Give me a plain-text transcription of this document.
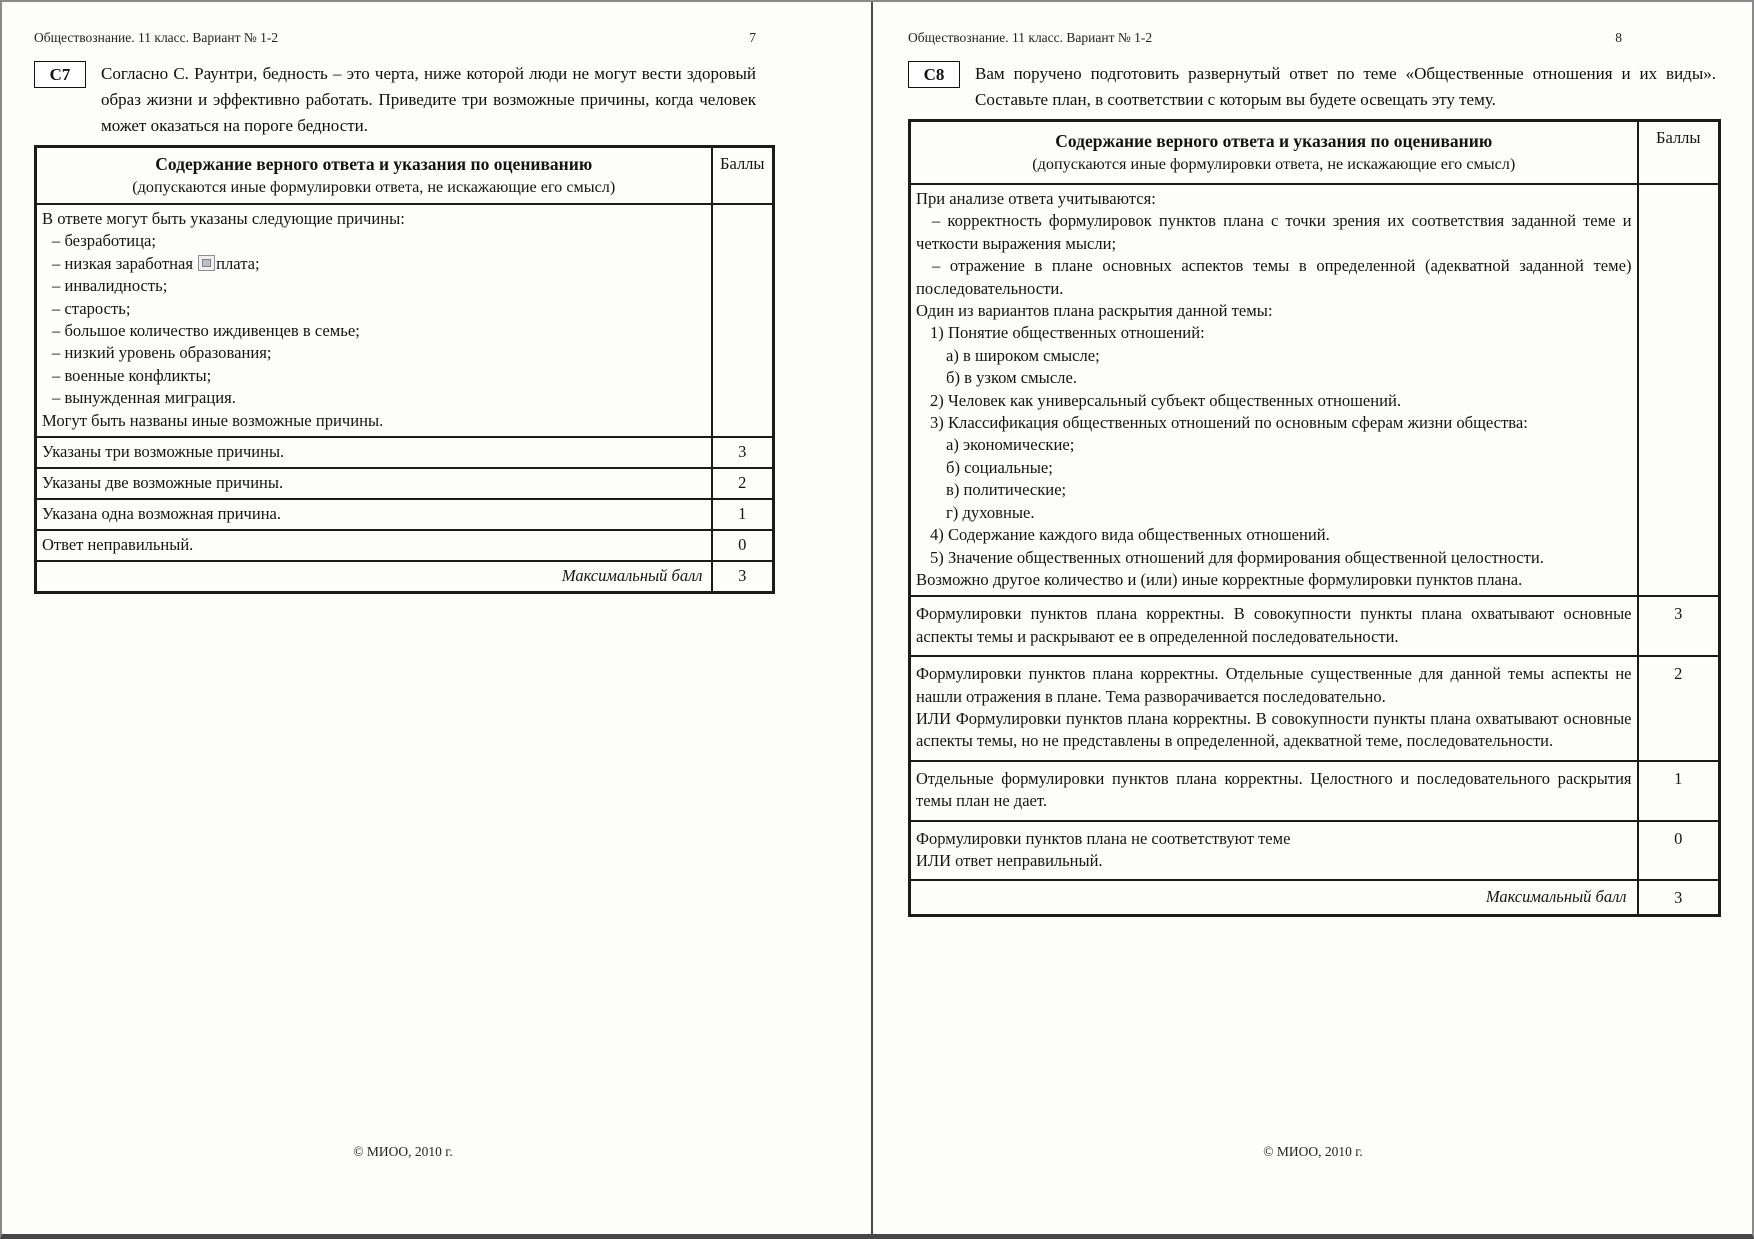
Обществознание. 11 класс. Вариант № 1-2	7
С7	Согласно С. Раунтри, бедность – это черта, ниже которой люди не могут вести здоровый образ жизни и эффективно работать. Приведите три возможные причины, когда человек может оказаться на пороге бедности.
Содержание верного ответа и указания по оцениванию
(допускаются иные формулировки ответа, не искажающие его смысл)	Баллы

В ответе могут быть указаны следующие причины:
– безработица;
– низкая заработная
плата;
– инвалидность;
– старость;
– большое количество иждивенцев в семье;
– низкий уровень образования;
– военные конфликты;
– вынужденная миграция.
Могут быть названы иные возможные причины.

Указаны три возможные причины.	3

Указаны две возможные причины.	2

Указана одна возможная причина.	1

Ответ неправильный.	0
Максимальный балл	3
© МИОО, 2010 г.
Обществознание. 11 класс. Вариант № 1-2	8
С8	Вам поручено подготовить развернутый ответ по теме «Общественные отношения и их виды». Составьте план, в соответствии с которым вы будете освещать эту тему.
Содержание верного ответа и указания по оцениванию
(допускаются иные формулировки ответа, не искажающие его смысл)	Баллы

При анализе ответа учитываются:
– корректность формулировок пунктов плана с точки зрения их соответствия заданной теме и четкости выражения мысли;
– отражение в плане основных аспектов темы в определенной (адекватной заданной теме) последовательности.
Один из вариантов плана раскрытия данной темы:
1) Понятие общественных отношений:
а) в широком смысле;
б) в узком смысле.
2) Человек как универсальный субъект общественных отношений.
3) Классификация общественных отношений по основным сферам жизни общества:
а) экономические;
б) социальные;
в) политические;
г) духовные.
4) Содержание каждого вида общественных отношений.
5) Значение общественных отношений для формирования общественной целостности.
Возможно другое количество и (или) иные корректные формулировки пунктов плана.

Формулировки пунктов плана корректны. В совокупности пункты плана охватывают основные аспекты темы и раскрывают ее в определенной последовательности.	3

Формулировки пунктов плана корректны. Отдельные существенные для данной темы аспекты не нашли отражения в плане. Тема разворачивается последовательно.
ИЛИ Формулировки пунктов плана корректны. В совокупности пункты плана охватывают основные аспекты темы, но не представлены в определенной, адекватной теме, последовательности.	2

Отдельные формулировки пунктов плана корректны. Целостного и последовательного раскрытия темы план не дает.	1

Формулировки пунктов плана не соответствуют теме
ИЛИ ответ неправильный.	0
Максимальный балл	3
© МИОО, 2010 г.
